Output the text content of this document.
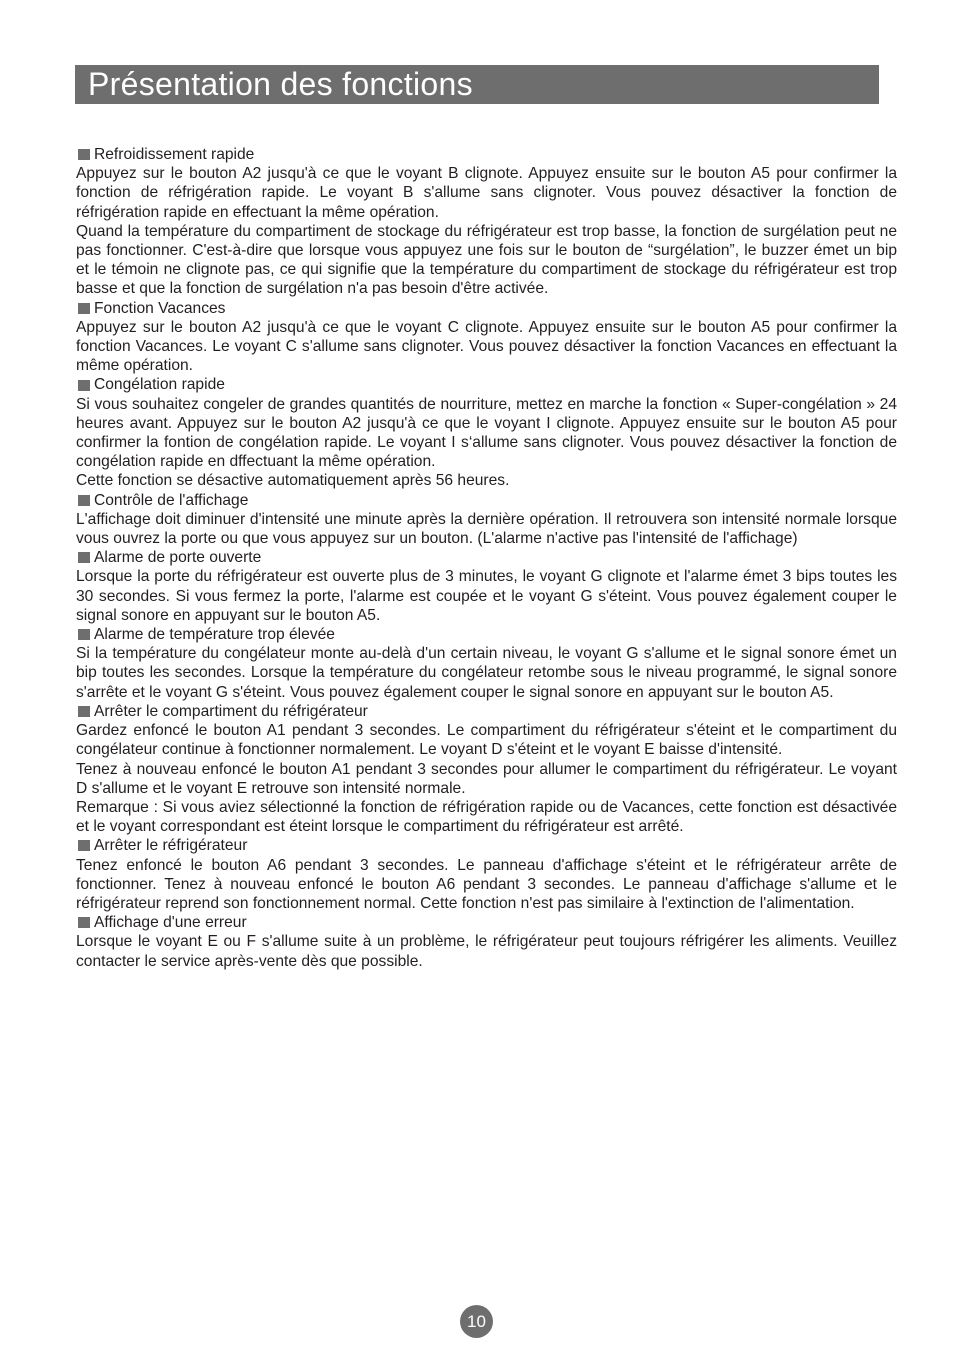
Présentation des fonctions
Refroidissement rapide

Appuyez sur le bouton A2 jusqu'à ce que le voyant B clignote. Appuyez ensuite sur le bouton A5 pour confirmer la fonction de réfrigération rapide. Le voyant B s'allume sans clignoter. Vous pouvez désactiver la fonction de réfrigération rapide en effectuant la même opération.

Quand la température du compartiment de stockage du réfrigérateur est trop basse, la fonction de surgélation peut ne pas fonctionner. C'est-à-dire que lorsque vous appuyez une fois sur le bouton de “surgélation”, le buzzer émet un bip et le témoin ne clignote pas, ce qui signifie que la température du compartiment de stockage du réfrigérateur est trop basse et que la fonction de surgélation n'a pas besoin d'être activée.

Fonction Vacances

Appuyez sur le bouton A2 jusqu'à ce que le voyant C clignote. Appuyez ensuite sur le bouton A5 pour confirmer la fonction Vacances. Le voyant C s'allume sans clignoter. Vous pouvez désactiver la fonction Vacances en effectuant la même opération.

Congélation rapide

Si vous souhaitez congeler de grandes quantités de nourriture, mettez en marche la fonction « Super-congélation » 24 heures avant. Appuyez sur le bouton A2 jusqu'à ce que le voyant I clignote. Appuyez ensuite sur le bouton A5 pour confirmer la fontion de congélation rapide. Le voyant I s‘allume sans clignoter. Vous pouvez désactiver la fonction de congélation rapide en dffectuant la même opération.

Cette fonction se désactive automatiquement après 56 heures.

Contrôle de l'affichage

L'affichage doit diminuer d'intensité une minute après la dernière opération. Il retrouvera son intensité normale lorsque vous ouvrez la porte ou que vous appuyez sur un bouton. (L'alarme n'active pas l'intensité de l'affichage)

Alarme de porte ouverte

Lorsque la porte du réfrigérateur est ouverte plus de 3 minutes, le voyant G clignote et l'alarme émet 3 bips toutes les 30 secondes. Si vous fermez la porte, l'alarme est coupée et le voyant G s'éteint. Vous pouvez également couper le signal sonore en appuyant sur le bouton A5.

Alarme de température trop élevée

Si la température du congélateur monte au-delà d'un certain niveau, le voyant G s'allume et le signal sonore émet un bip toutes les secondes. Lorsque la température du congélateur retombe sous le niveau programmé, le signal sonore s'arrête et le voyant G s'éteint. Vous pouvez également couper le signal sonore en appuyant sur le bouton A5.

Arrêter le compartiment du réfrigérateur

Gardez enfoncé le bouton A1 pendant 3 secondes. Le compartiment du réfrigérateur s'éteint et le compartiment du congélateur continue à fonctionner normalement. Le voyant D s'éteint et le voyant E baisse d'intensité.

Tenez à nouveau enfoncé le bouton A1 pendant 3 secondes pour allumer le compartiment du réfrigérateur. Le voyant D s'allume et le voyant E retrouve son intensité normale.

Remarque : Si vous aviez sélectionné la fonction de réfrigération rapide ou de Vacances, cette fonction est désactivée et le voyant correspondant est éteint lorsque le compartiment du réfrigérateur est arrêté.

Arrêter le réfrigérateur

Tenez enfoncé le bouton A6 pendant 3 secondes. Le panneau d'affichage s'éteint et le réfrigérateur arrête de fonctionner. Tenez à nouveau enfoncé le bouton A6 pendant 3 secondes. Le panneau d'affichage s'allume et le réfrigérateur reprend son fonctionnement normal. Cette fonction n'est pas similaire à l'extinction de l'alimentation.

Affichage d'une erreur

Lorsque le voyant E ou F s'allume suite à un problème, le réfrigérateur peut toujours réfrigérer les aliments. Veuillez contacter le service après-vente dès que possible.

10
